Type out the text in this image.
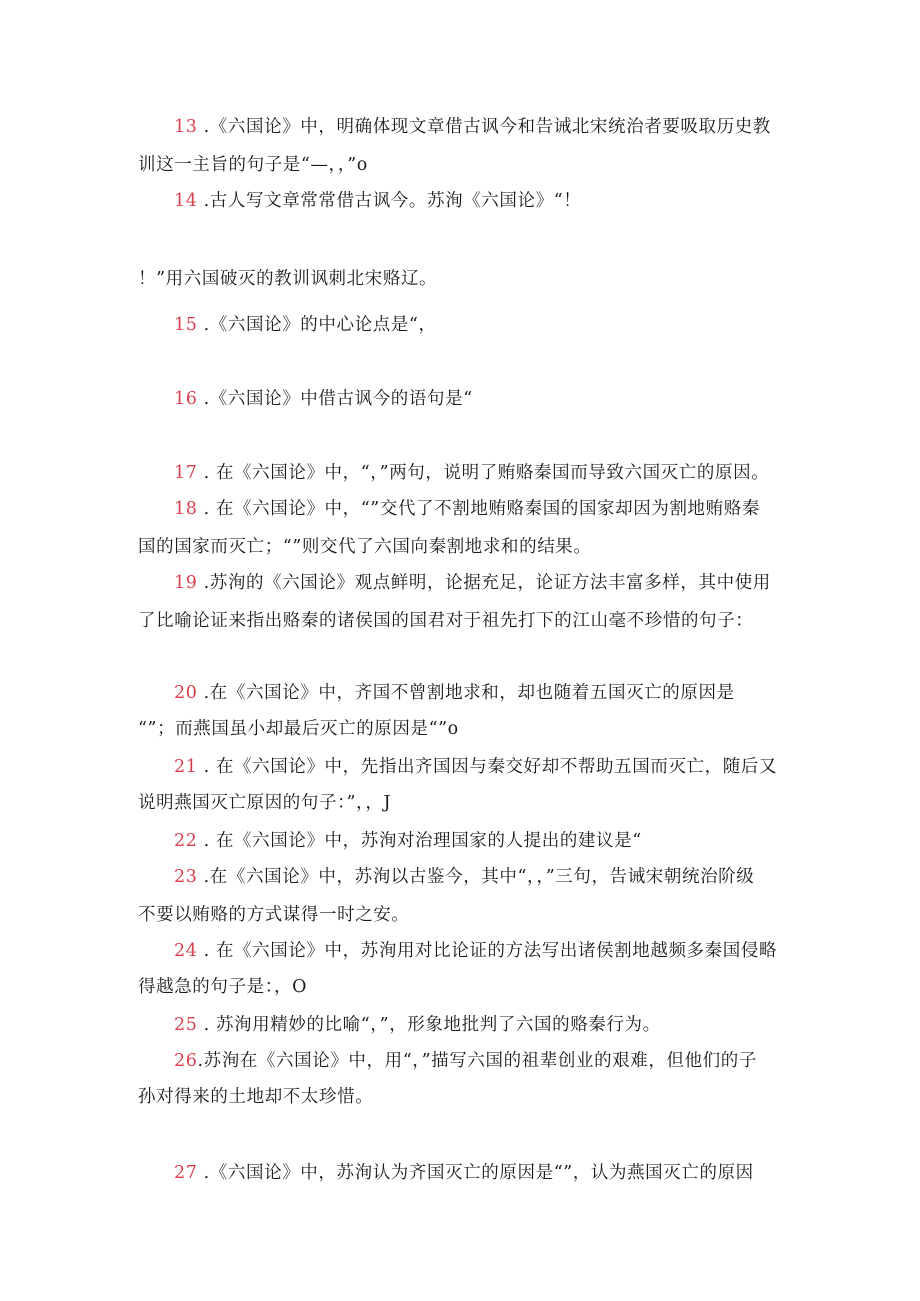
13 .《六国论》中，明确体现文章借古讽今和告诫北宋统治者要吸取历史教
训这一主旨的句子是“—，，”o
14 .古人写文章常常借古讽今。苏洵《六国论》“！
！”用六国破灭的教训讽刺北宋赂辽。
15 .《六国论》的中心论点是“，
16 .《六国论》中借古讽今的语句是“
17 . 在《六国论》中，“，”两句，说明了贿赂秦国而导致六国灭亡的原因。
18 . 在《六国论》中，“”交代了不割地贿赂秦国的国家却因为割地贿赂秦
国的国家而灭亡；“”则交代了六国向秦割地求和的结果。
19 .苏洵的《六国论》观点鲜明，论据充足，论证方法丰富多样，其中使用
了比喻论证来指出赂秦的诸侯国的国君对于祖先打下的江山毫不珍惜的句子：
20 .在《六国论》中，齐国不曾割地求和，却也随着五国灭亡的原因是
“”；而燕国虽小却最后灭亡的原因是“”o
21 . 在《六国论》中，先指出齐国因与秦交好却不帮助五国而灭亡，随后又
说明燕国灭亡原因的句子：”，，J
22 . 在《六国论》中，苏洵对治理国家的人提出的建议是“
23 .在《六国论》中，苏洵以古鉴今，其中“，，”三句，告诫宋朝统治阶级
不要以贿赂的方式谋得一时之安。
24 . 在《六国论》中，苏洵用对比论证的方法写出诸侯割地越频多秦国侵略
得越急的句子是：，O
25 . 苏洵用精妙的比喻“，”，形象地批判了六国的赂秦行为。
26.苏洵在《六国论》中，用“，”描写六国的祖辈创业的艰难，但他们的子
孙对得来的土地却不太珍惜。
27 .《六国论》中，苏洵认为齐国灭亡的原因是“”，认为燕国灭亡的原因
